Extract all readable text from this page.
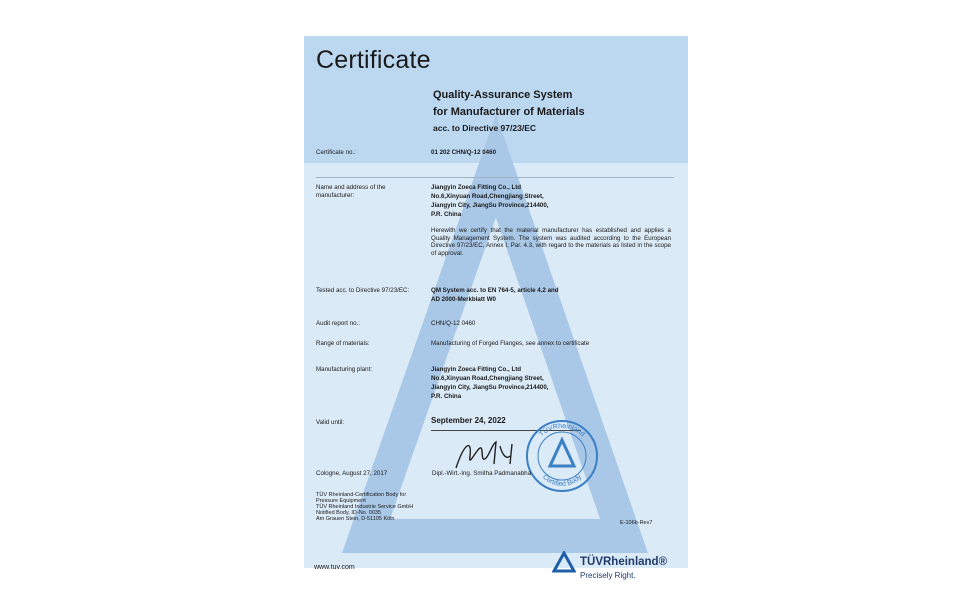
Certificate
Quality-Assurance System
for Manufacturer of Materials
acc. to Directive 97/23/EC
Certificate no.:	01 202 CHN/Q-12 0460
Name and address of the manufacturer:
Jiangyin Zoeca Fitting Co., Ltd
No.6,Xinyuan Road,Chengjiang Street,
Jiangyin City, JiangSu Province,214400,
P.R. China
Herewith we certify that the material manufacturer has established and applies a Quality Management System. The system was audited according to the European Directive 97/23/EC, Annex I, Par. 4.3, with regard to the materials as listed in the scope of approval.
Tested acc. to Directive 97/23/EC:	QM System acc. to EN 764-5, article 4.2 and
AD 2000-Merkblatt W0
Audit report no.:	CHN/Q-12 0460
Range of materials:	Manufacturing of Forged Flanges, see annex to certificate
Manufacturing plant:	Jiangyin Zoeca Fitting Co., Ltd
No.6,Xinyuan Road,Chengjiang Street,
Jiangyin City, JiangSu Province,214400,
P.R. China
Valid until:	September 24, 2022
TÜVRheinland
Certified Body
Cologne, August 27, 2017	Dipl.-Wirt.-Ing. Smitha Padmanabha
TÜV Rheinland-Certification Body for
Pressure Equipment
TÜV Rheinland Industrie Service GmbH
Notified Body, ID-No. 0035
Am Grauen Stein, D-51105 Köln
E-106b-Rev7
www.tuv.com	TÜVRheinland®
Precisely Right.
